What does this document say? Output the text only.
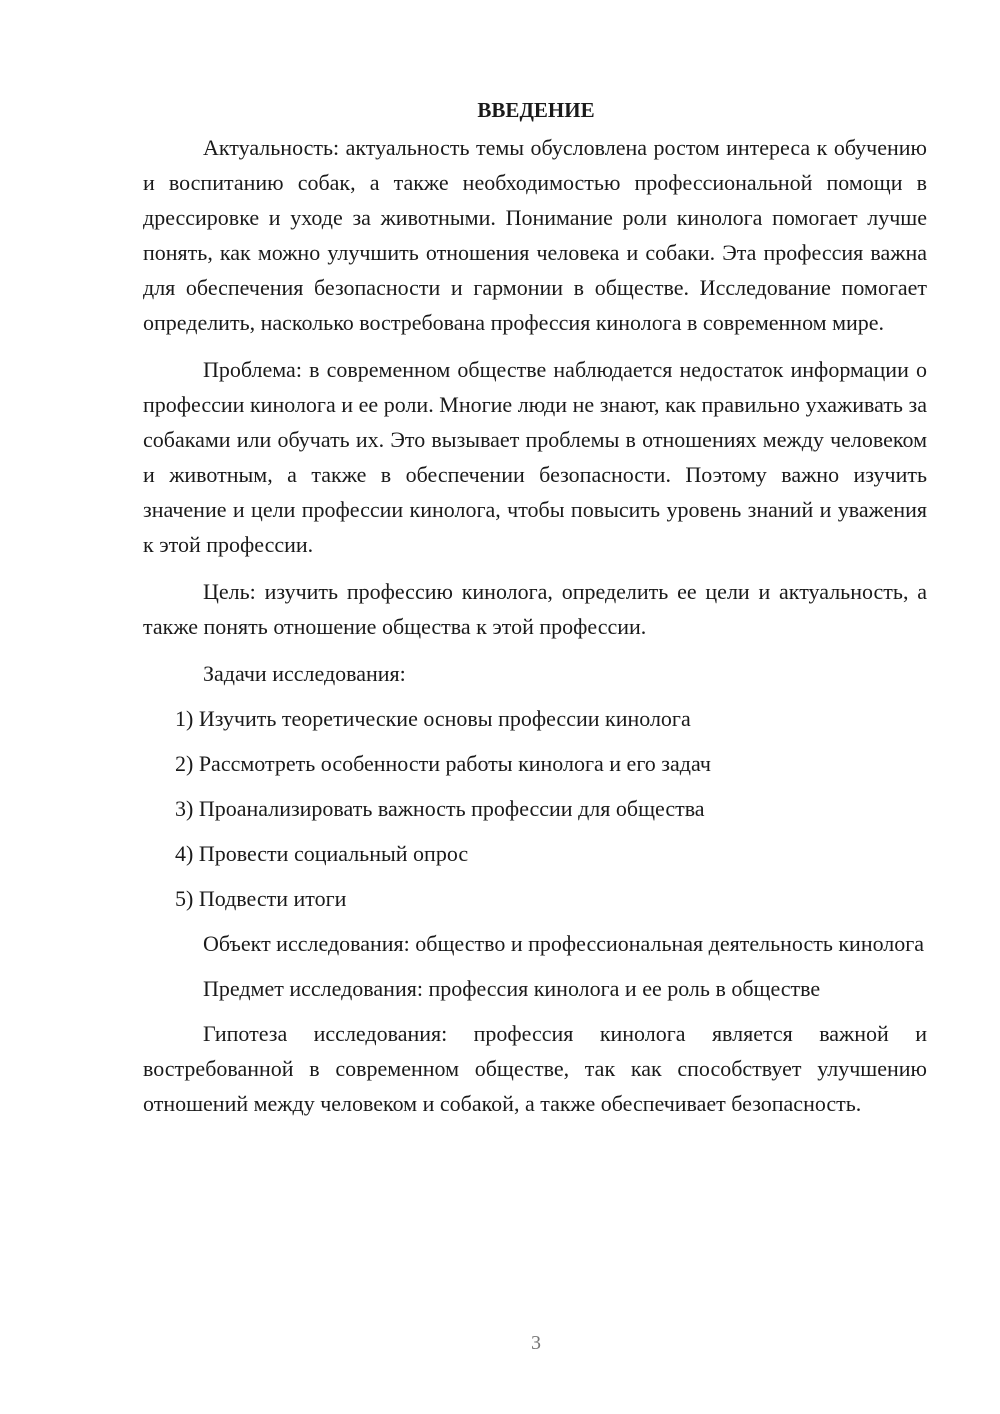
ВВЕДЕНИЕ

Актуальность: актуальность темы обусловлена ростом интереса к обучению и воспитанию собак, а также необходимостью профессиональной помощи в дрессировке и уходе за животными. Понимание роли кинолога помогает лучше понять, как можно улучшить отношения человека и собаки. Эта профессия важна для обеспечения безопасности и гармонии в обществе. Исследование помогает определить, насколько востребована профессия кинолога в современном мире.

Проблема: в современном обществе наблюдается недостаток информации о профессии кинолога и ее роли. Многие люди не знают, как правильно ухаживать за собаками или обучать их. Это вызывает проблемы в отношениях между человеком и животным, а также в обеспечении безопасности. Поэтому важно изучить значение и цели профессии кинолога, чтобы повысить уровень знаний и уважения к этой профессии.

Цель: изучить профессию кинолога, определить ее цели и актуальность, а также понять отношение общества к этой профессии.

Задачи исследования:

1) Изучить теоретические основы профессии кинолога
2) Рассмотреть особенности работы кинолога и его задач
3) Проанализировать важность профессии для общества
4) Провести социальный опрос
5) Подвести итоги

Объект исследования: общество и профессиональная деятельность кинолога

Предмет исследования: профессия кинолога и ее роль в обществе

Гипотеза исследования: профессия кинолога является важной и востребованной в современном обществе, так как способствует улучшению отношений между человеком и собакой, а также обеспечивает безопасность.

3
